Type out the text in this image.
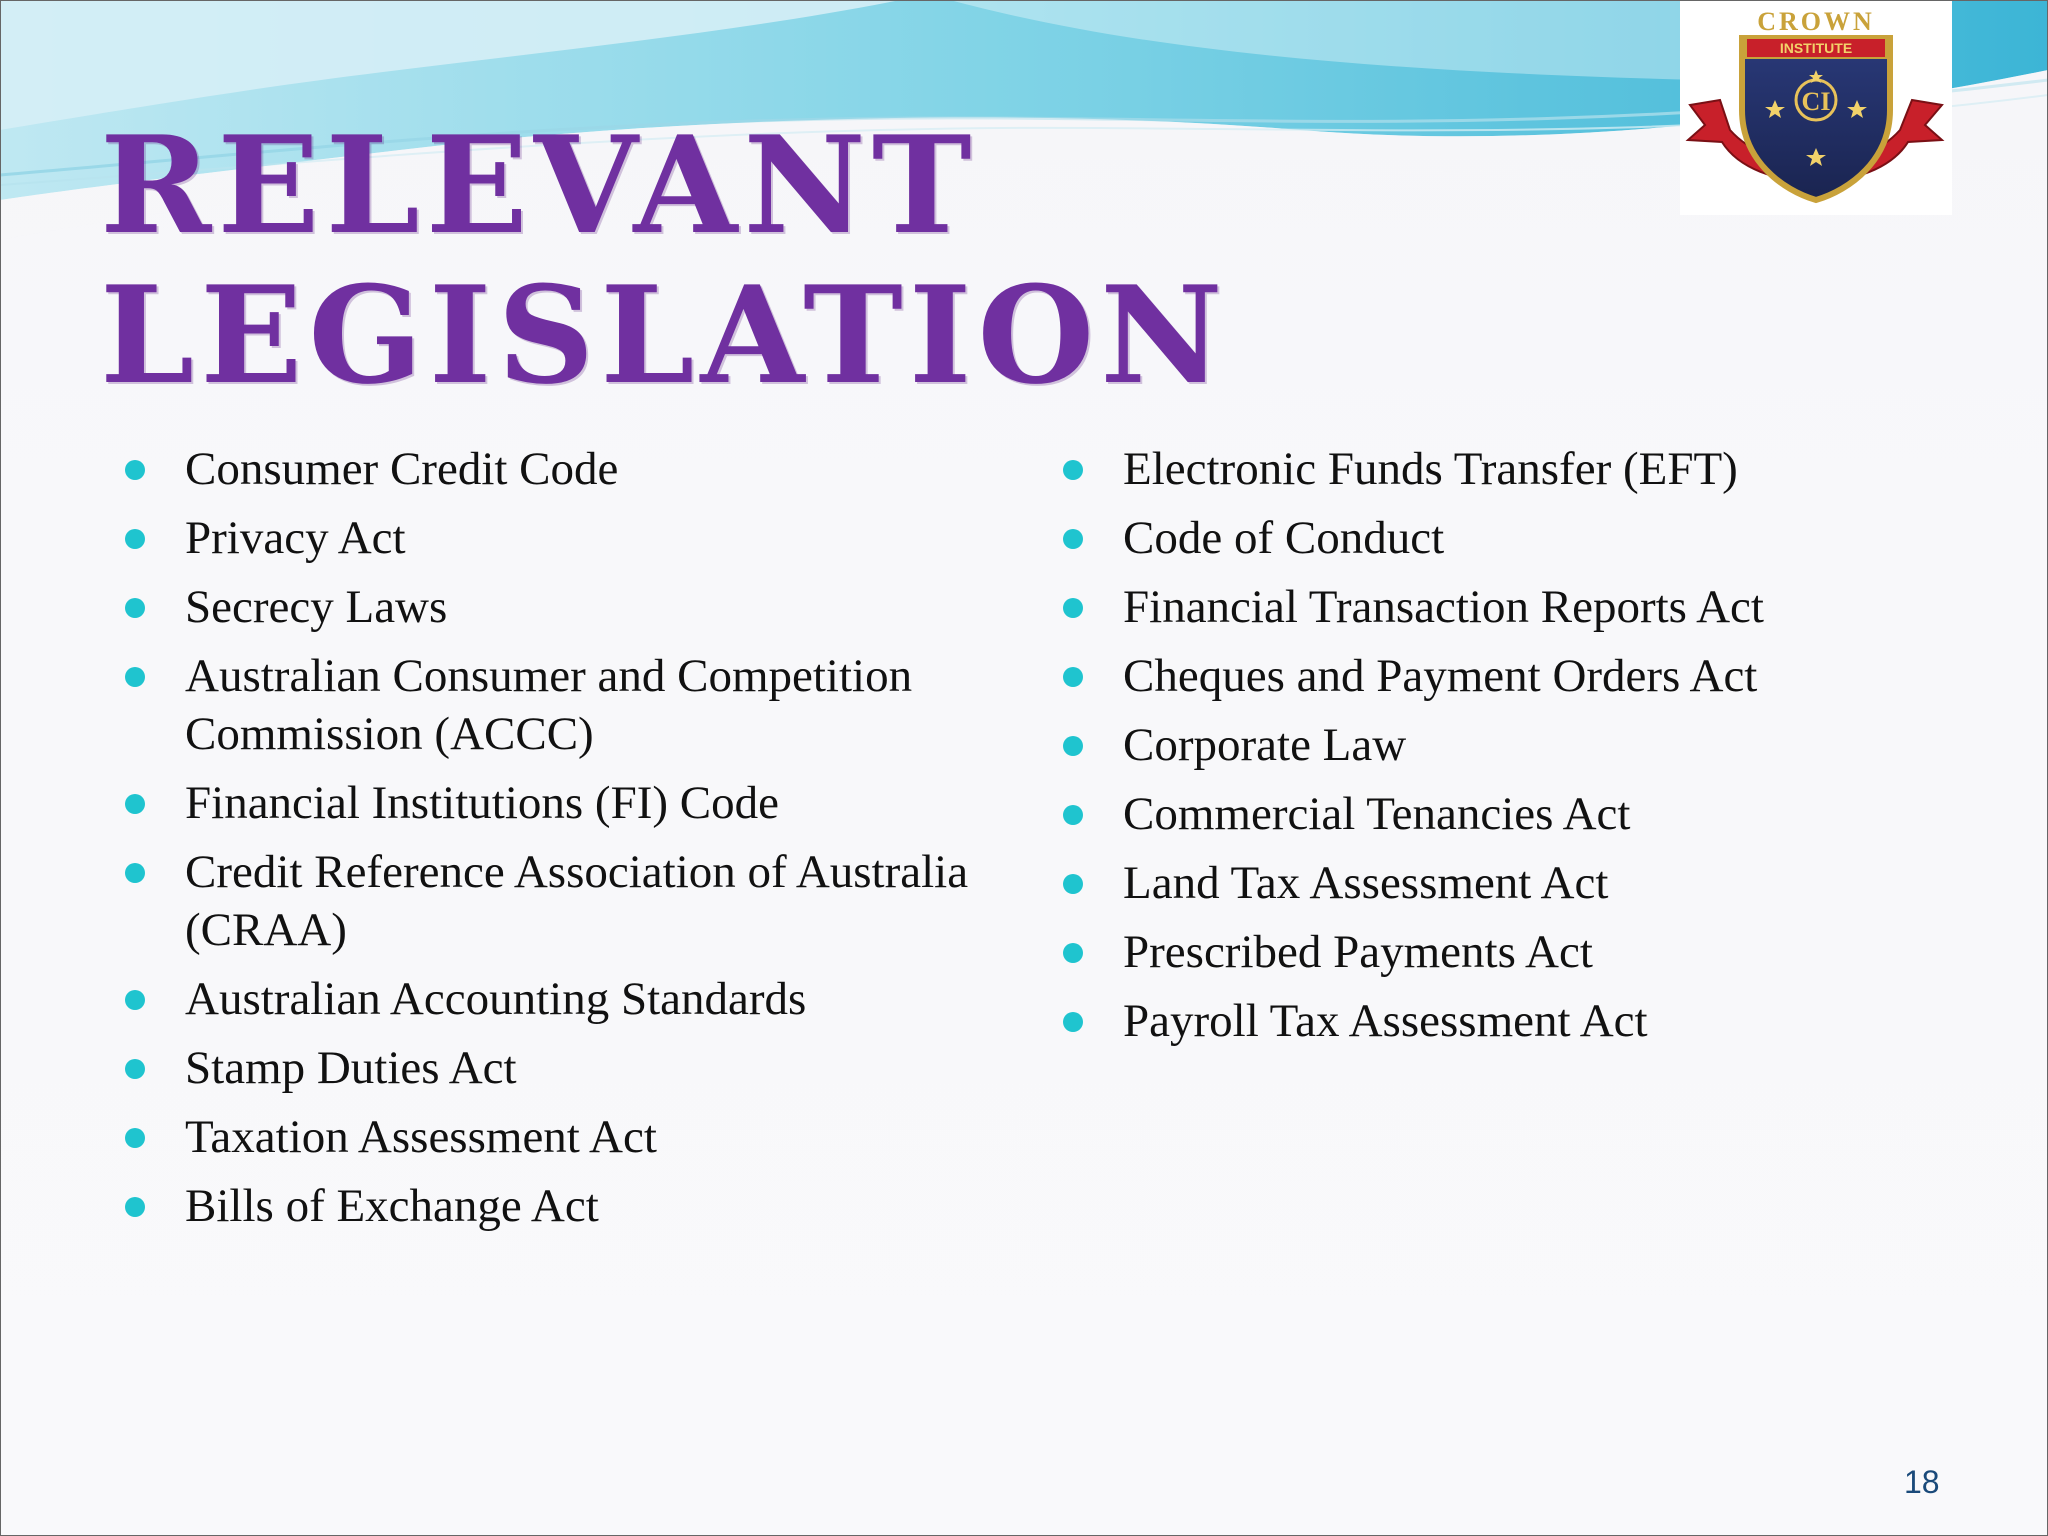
RELEVANT
LEGISLATION
INSTITUTE
CROWN
CI
Consumer Credit Code
Privacy Act
Secrecy Laws
Australian Consumer and Competition Commission (ACCC)
Financial Institutions (FI) Code
Credit Reference Association of Australia (CRAA)
Australian Accounting Standards
Stamp Duties Act
Taxation Assessment Act
Bills of Exchange Act
Electronic Funds Transfer (EFT)
Code of Conduct
Financial Transaction Reports Act
Cheques and Payment Orders Act
Corporate Law
Commercial Tenancies Act
Land Tax Assessment Act
Prescribed Payments Act
Payroll Tax Assessment Act
18
